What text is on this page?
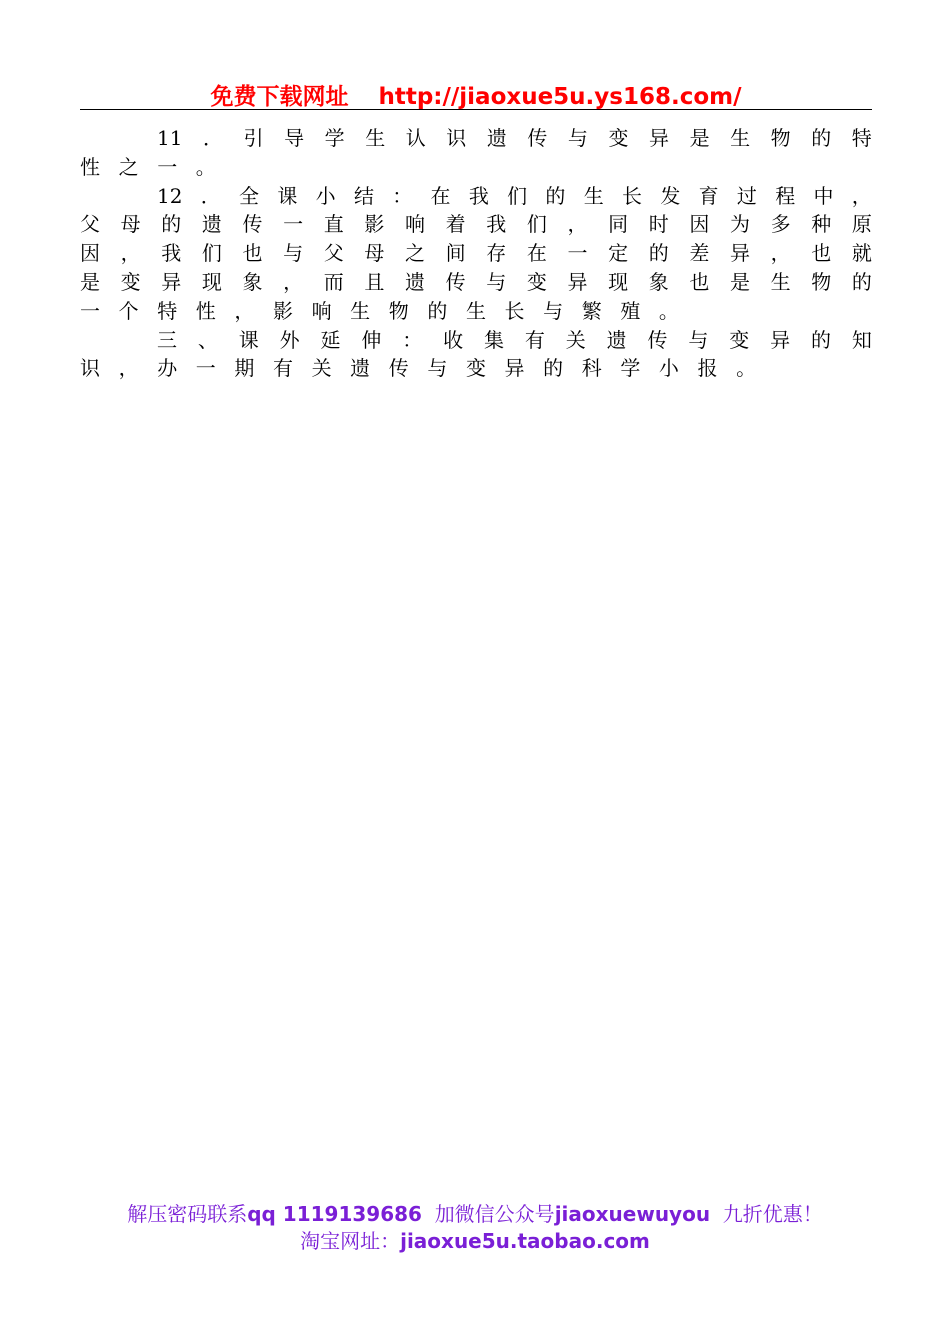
免费下载网址 http://jiaoxue5u.ys168.com/
11 ． 引 导 学 生 认 识 遗 传 与 变 异 是 生 物 的 特
性 之 一 。
12 ． 全 课 小 结 ： 在 我 们 的 生 长 发 育 过 程 中 ，
父 母 的 遗 传 一 直 影 响 着 我 们 ， 同 时 因 为 多 种 原
因 ， 我 们 也 与 父 母 之 间 存 在 一 定 的 差 异 ， 也 就
是 变 异 现 象 ， 而 且 遗 传 与 变 异 现 象 也 是 生 物 的
一 个 特 性 ， 影 响 生 物 的 生 长 与 繁 殖 。
三 、 课 外 延 伸 ： 收 集 有 关 遗 传 与 变 异 的 知
识 ， 办 一 期 有 关 遗 传 与 变 异 的 科 学 小 报 。
解压密码联系qq 1119139686 加微信公众号jiaoxuewuyou 九折优惠！
淘宝网址：jiaoxue5u.taobao.com
